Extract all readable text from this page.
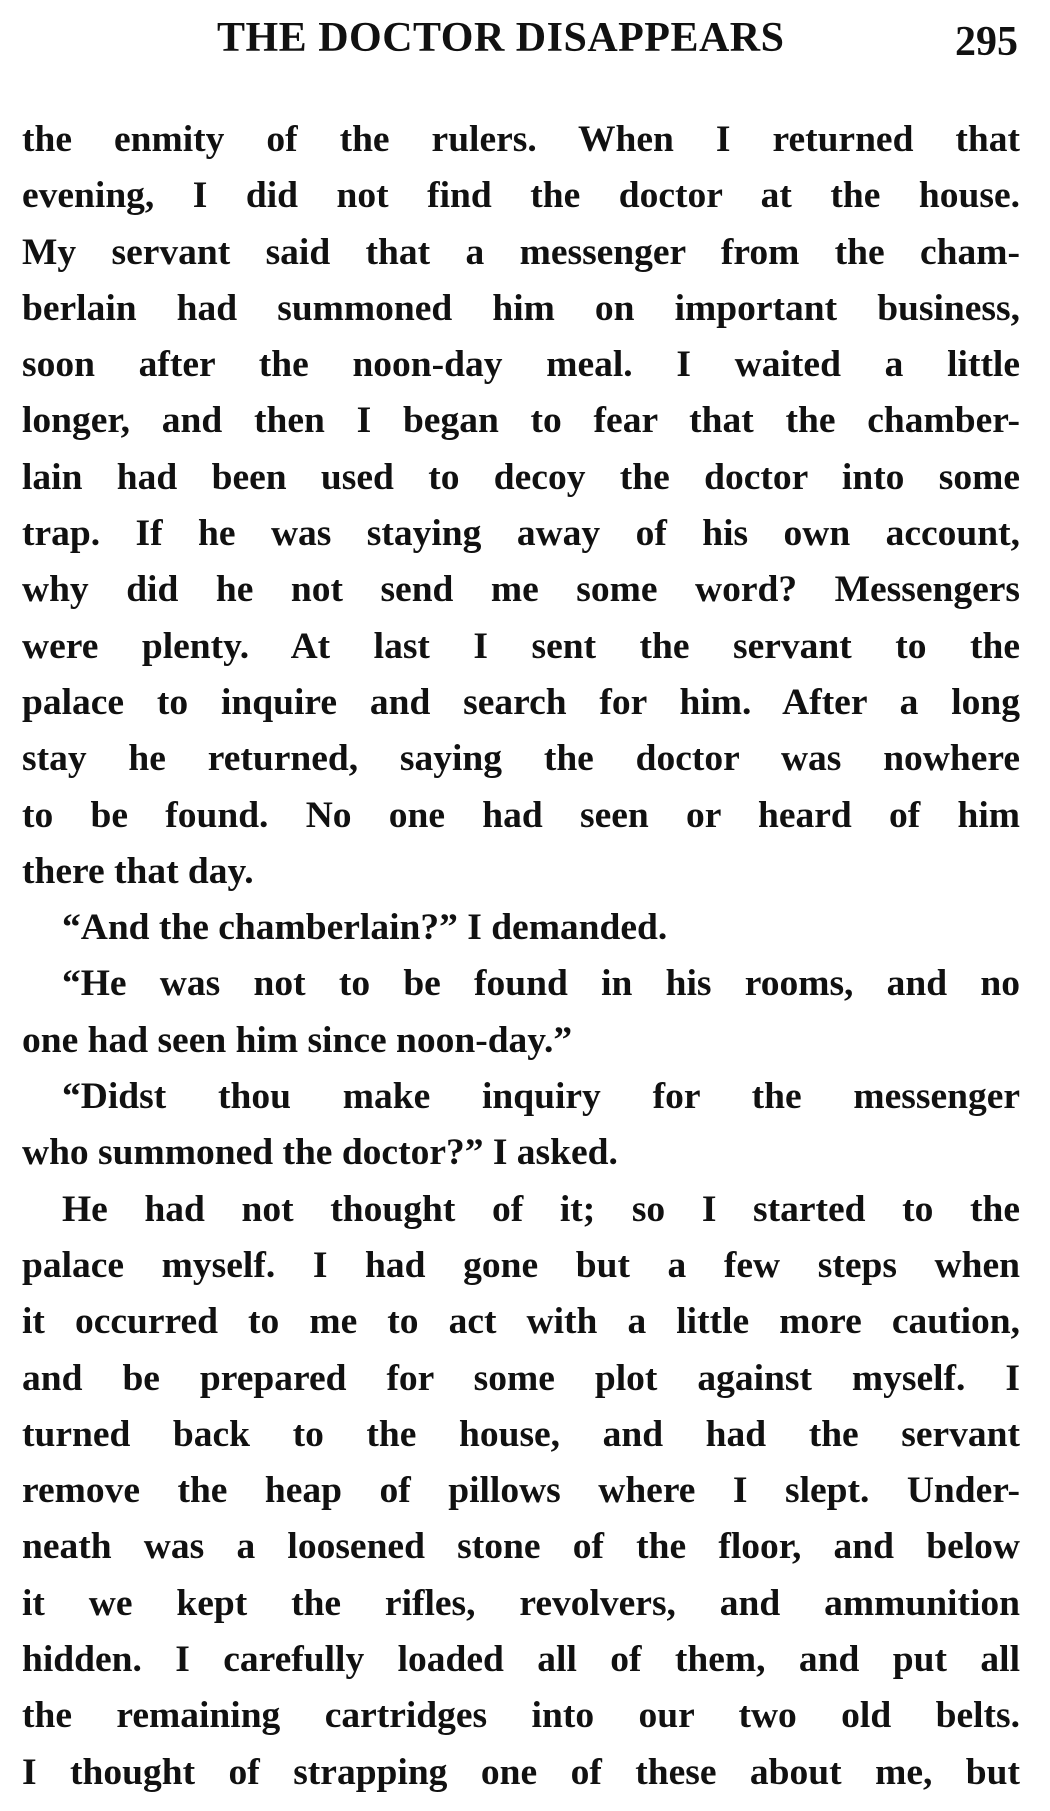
THE DOCTOR DISAPPEARS	295
the enmity of the rulers. When I returned that
evening, I did not find the doctor at the house.
My servant said that a messenger from the cham-
berlain had summoned him on important business,
soon after the noon-day meal. I waited a little
longer, and then I began to fear that the chamber-
lain had been used to decoy the doctor into some
trap. If he was staying away of his own account,
why did he not send me some word? Messengers
were plenty. At last I sent the servant to the
palace to inquire and search for him. After a long
stay he returned, saying the doctor was nowhere
to be found. No one had seen or heard of him
there that day.
“And the chamberlain?” I demanded.
“He was not to be found in his rooms, and no
one had seen him since noon-day.”
“Didst thou make inquiry for the messenger
who summoned the doctor?” I asked.
He had not thought of it; so I started to the
palace myself. I had gone but a few steps when
it occurred to me to act with a little more caution,
and be prepared for some plot against myself. I
turned back to the house, and had the servant
remove the heap of pillows where I slept. Under-
neath was a loosened stone of the floor, and below
it we kept the rifles, revolvers, and ammunition
hidden. I carefully loaded all of them, and put all
the remaining cartridges into our two old belts.
I thought of strapping one of these about me, but
